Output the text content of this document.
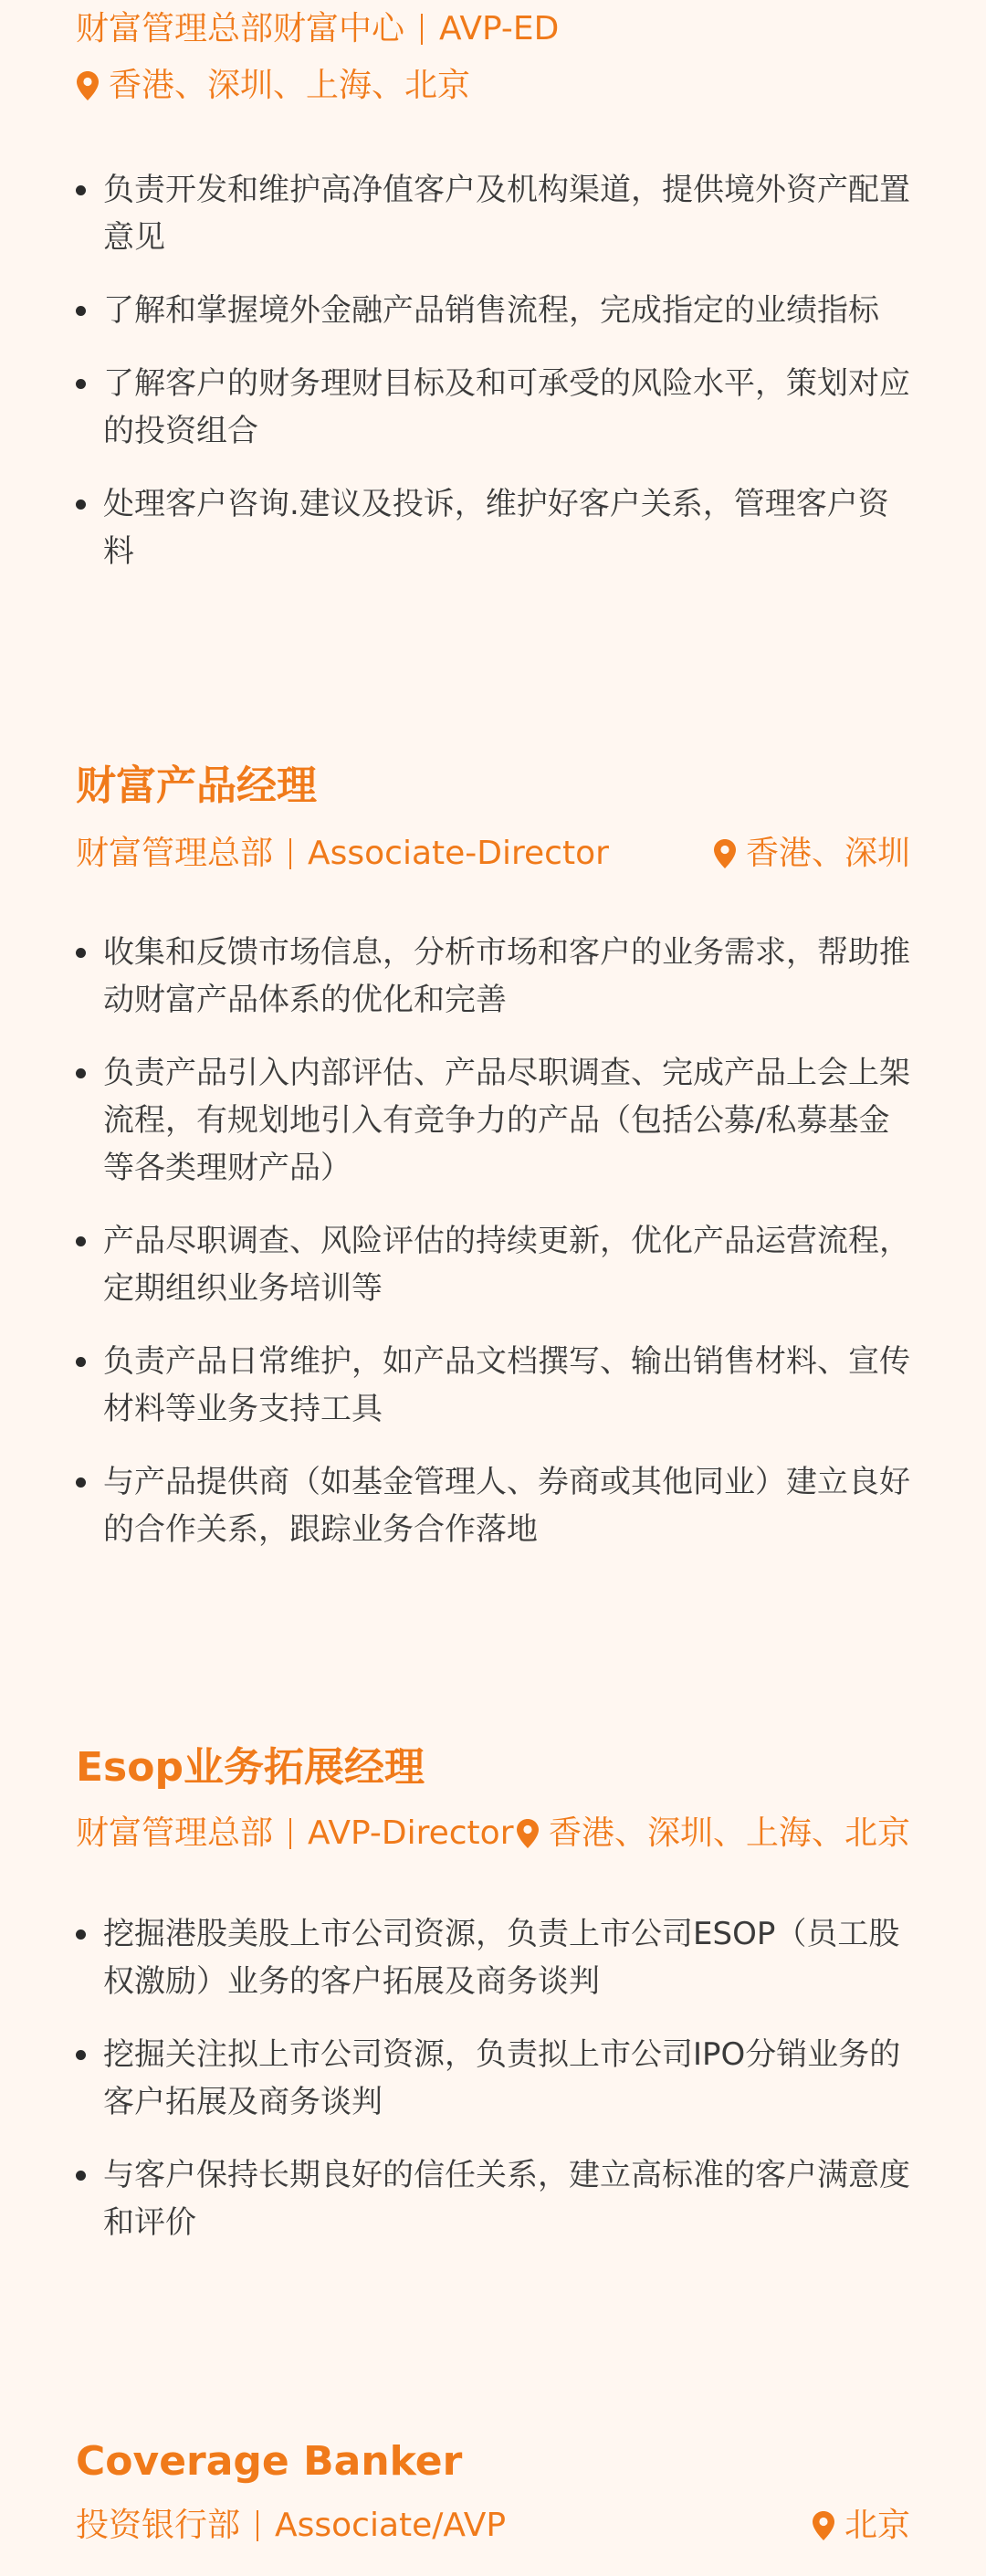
财富管理总部财富中心 AVP-ED
香港、深圳、上海、北京
负责开发和维护高净值客户及机构渠道，提供境外资产配置意见
了解和掌握境外金融产品销售流程，完成指定的业绩指标
了解客户的财务理财目标及和可承受的风险水平，策划对应的投资组合
处理客户咨询.建议及投诉，维护好客户关系，管理客户资料
财富产品经理
财富管理总部 Associate-Director	香港、深圳
收集和反馈市场信息，分析市场和客户的业务需求，帮助推动财富产品体系的优化和完善
负责产品引入内部评估、产品尽职调查、完成产品上会上架流程，有规划地引入有竞争力的产品（包括公募/私募基金等各类理财产品）
产品尽职调查、风险评估的持续更新，优化产品运营流程，定期组织业务培训等
负责产品日常维护，如产品文档撰写、输出销售材料、宣传材料等业务支持工具
与产品提供商（如基金管理人、券商或其他同业）建立良好的合作关系，跟踪业务合作落地
Esop业务拓展经理
财富管理总部 AVP-Director 香港、深圳、上海、北京
挖掘港股美股上市公司资源，负责上市公司ESOP（员工股权激励）业务的客户拓展及商务谈判
挖掘关注拟上市公司资源，负责拟上市公司IPO分销业务的客户拓展及商务谈判
与客户保持长期良好的信任关系，建立高标准的客户满意度和评价
Coverage Banker
投资银行部 Associate/AVP	北京
